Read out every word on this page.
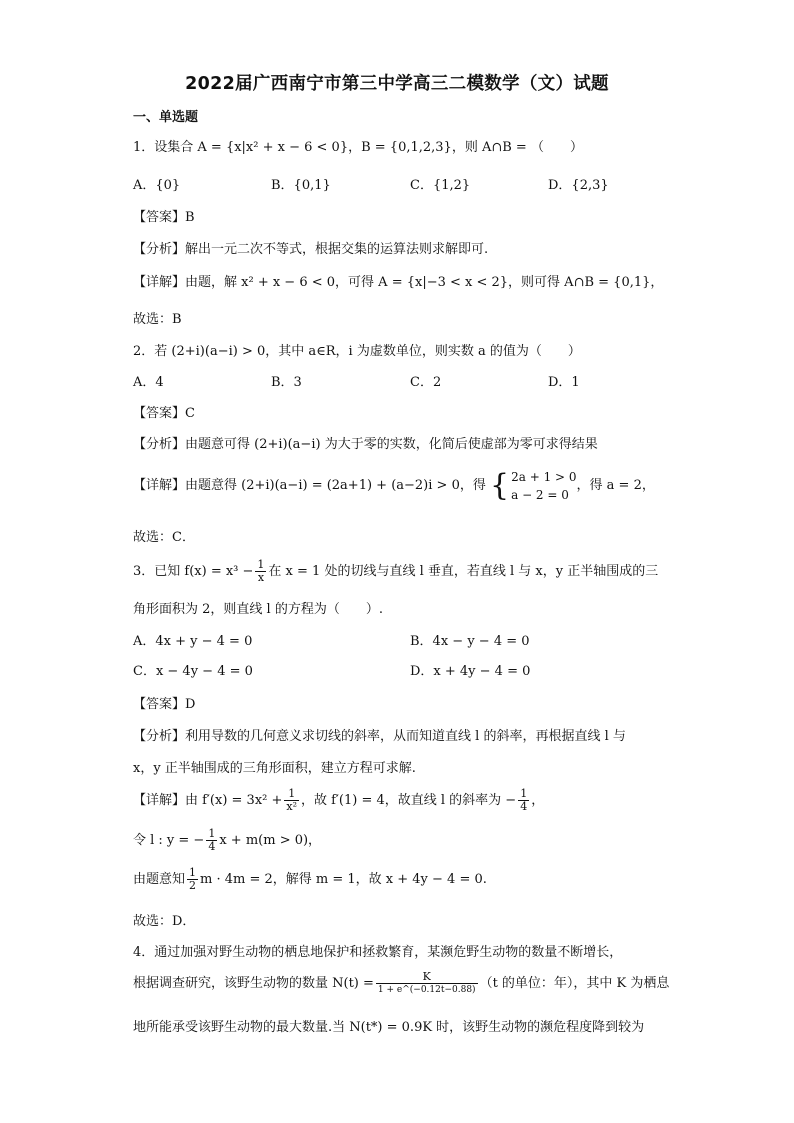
2022届广西南宁市第三中学高三二模数学（文）试题
一、单选题
1．设集合 A = {x|x² + x − 6 < 0}，B = {0,1,2,3}，则 A∩B = （　　）
A．{0}	B．{0,1}	C．{1,2}	D．{2,3}
【答案】B
【分析】解出一元二次不等式，根据交集的运算法则求解即可.
【详解】由题，解 x² + x − 6 < 0，可得 A = {x|−3 < x < 2}，则可得 A∩B = {0,1}，
故选：B
2．若 (2+i)(a−i) > 0，其中 a∈R，i 为虚数单位，则实数 a 的值为（　　）
A．4	B．3	C．2	D．1
【答案】C
【分析】由题意可得 (2+i)(a−i) 为大于零的实数，化简后使虚部为零可求得结果
【详解】由题意得 (2+i)(a−i) = (2a+1) + (a−2)i > 0，得 { 2a + 1 > 0
a − 2 = 0
，得 a = 2，
故选：C．
3．已知 $f(x) = x^3 - \frac{1}{x}$ 在 x = 1 处的切线与直线 l 垂直，若直线 l 与 x，y 正半轴围成的三
角形面积为 2，则直线 l 的方程为（　　）.
A．4x + y − 4 = 0	B．4x − y − 4 = 0
C．x − 4y − 4 = 0	D．x + 4y − 4 = 0
【答案】D
【分析】利用导数的几何意义求切线的斜率，从而知道直线 l 的斜率，再根据直线 l 与
x，y 正半轴围成的三角形面积，建立方程可求解.
【详解】由 $f'(x) = 3x^2 + \frac{1}{\text{x²}}$ ，故 f′(1) = 4，故直线 l 的斜率为 − $\frac{1}{4}$ ，
令 l : y = − $\frac{1}{4}$ x + m(m > 0)，
由题意知 $\frac{1}{2}$ m · 4m = 2，解得 m = 1，故 x + 4y − 4 = 0.
故选：D．
4．通过加强对野生动物的栖息地保护和拯救繁育，某濒危野生动物的数量不断增长，
根据调查研究，该野生动物的数量 $N(t) = \frac{K}{1 + e\^{}(-0.12t-0.88)} (t$ 的单位：年），其中 K 为栖息
地所能承受该野生动物的最大数量.当 N(t*) = 0.9K 时，该野生动物的濒危程度降到较为
